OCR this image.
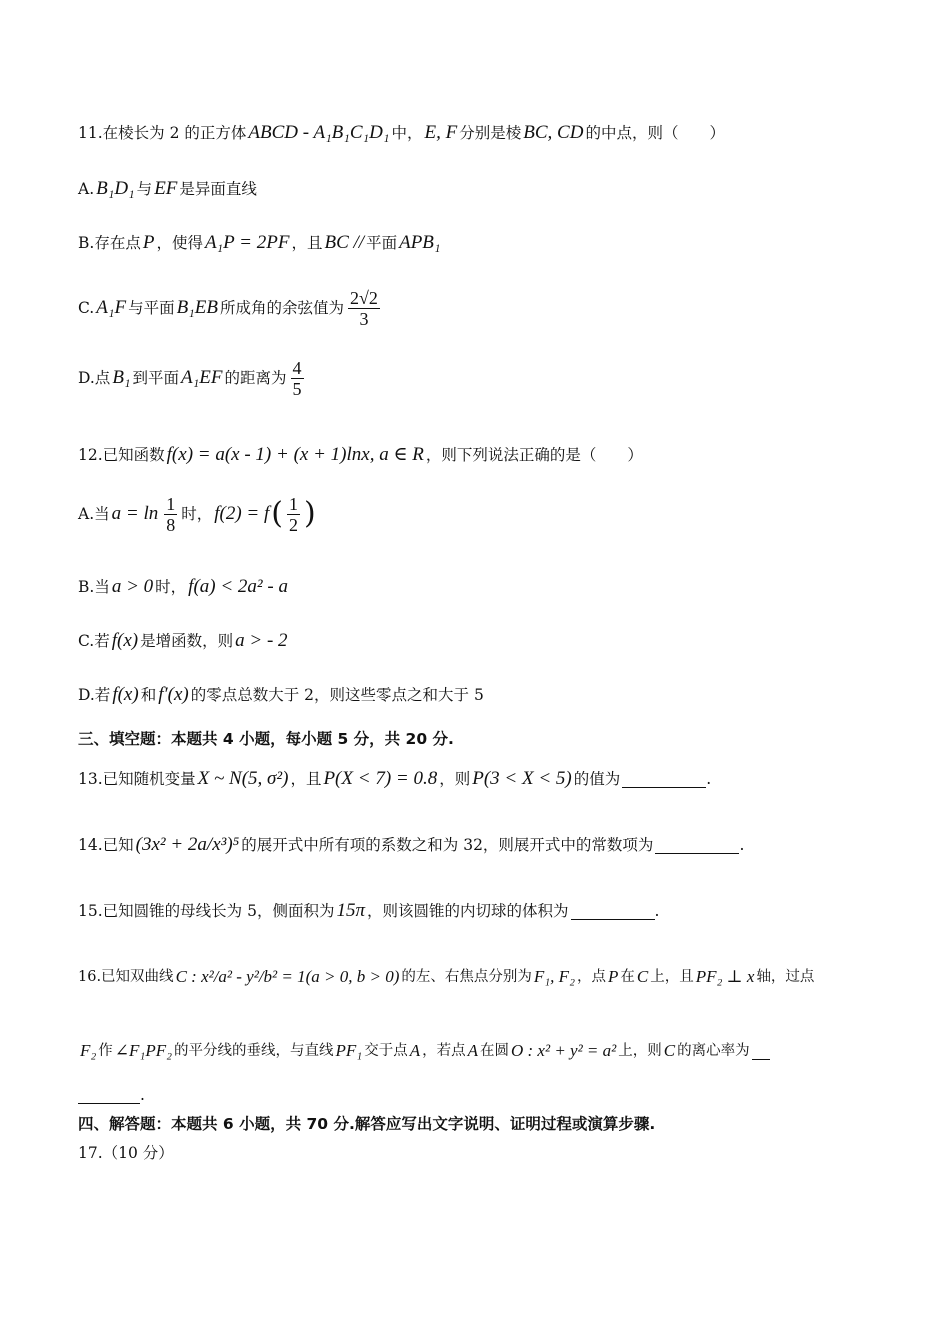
11.在棱长为 2 的正方体 ABCD - A₁B₁C₁D₁ 中， E, F 分别是棱 BC, CD 的中点，则（　　）
A. B₁D₁ 与 EF 是异面直线
B.存在点 P ，使得 A₁P = 2PF ，且 BC // 平面 APB₁
C. A₁F 与平面 B₁EB 所成角的余弦值为 $\frac{2√2}{3}$
D.点 B₁ 到平面 A₁EF 的距离为 $\frac{4}{5}$
12.已知函数 f(x) = a(x - 1) + (x + 1)lnx, a ∈ R ，则下列说法正确的是（　　）
A.当 $a = \ln \frac{1}{8}$ 时， f(2) = f ( $\frac{1}{2}$ )
B.当 a > 0 时， f(a) < 2a² - a
C.若 f(x) 是增函数，则 a > - 2
D.若 f(x) 和 f′(x) 的零点总数大于 2，则这些零点之和大于 5
三、填空题：本题共 4 小题，每小题 5 分，共 20 分.
13.已知随机变量 X ~ N(5, σ²) ，且 P(X < 7) = 0.8 ，则 P(3 < X < 5) 的值为	.
14.已知 (3x² + 2a/x³)⁵ 的展开式中所有项的系数之和为 32，则展开式中的常数项为	.
15.已知圆锥的母线长为 5，侧面积为 15π ，则该圆锥的内切球的体积为	.
16.已知双曲线 C : x²/a² - y²/b² = 1(a > 0, b > 0) 的左、右焦点分别为 F₁, F₂ ，点 P 在 C 上，且 PF₂ ⊥ x 轴，过点
F₂ 作 ∠F₁PF₂ 的平分线的垂线，与直线 PF₁ 交于点 A ，若点 A 在圆 O : x² + y² = a² 上，则 C 的离心率为
.
四、解答题：本题共 6 小题，共 70 分.解答应写出文字说明、证明过程或演算步骤.
17.（10 分）
